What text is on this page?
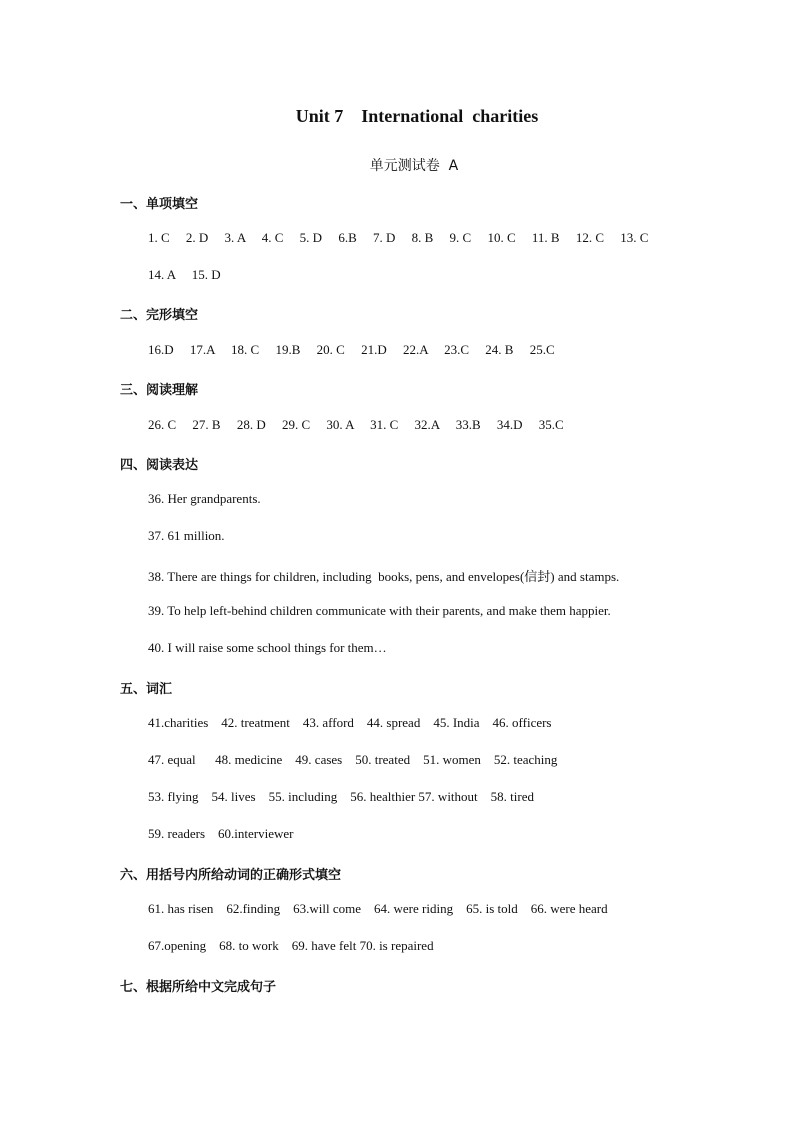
Unit 7    International  charities
单元测试卷  A
一、单项填空
1. C     2. D     3. A     4. C     5. D     6.B     7. D     8. B     9. C     10. C     11. B     12. C     13. C
14. A     15. D
二、完形填空
16.D     17.A     18. C     19.B     20. C     21.D     22.A     23.C     24. B     25.C
三、阅读理解
26. C     27. B     28. D     29. C     30. A     31. C     32.A     33.B     34.D     35.C
四、阅读表达
36. Her grandparents.
37. 61 million.
38. There are things for children, including  books, pens, and envelopes(信封) and stamps.
39. To help left-behind children communicate with their parents, and make them happier.
40. I will raise some school things for them…
五、词汇
41.charities    42. treatment    43. afford    44. spread    45. India    46. officers
47. equal      48. medicine    49. cases    50. treated    51. women    52. teaching
53. flying    54. lives    55. including    56. healthier 57. without    58. tired
59. readers    60.interviewer
六、用括号内所给动词的正确形式填空
61. has risen    62.finding    63.will come    64. were riding    65. is told    66. were heard
67.opening    68. to work    69. have felt 70. is repaired
七、根据所给中文完成句子
